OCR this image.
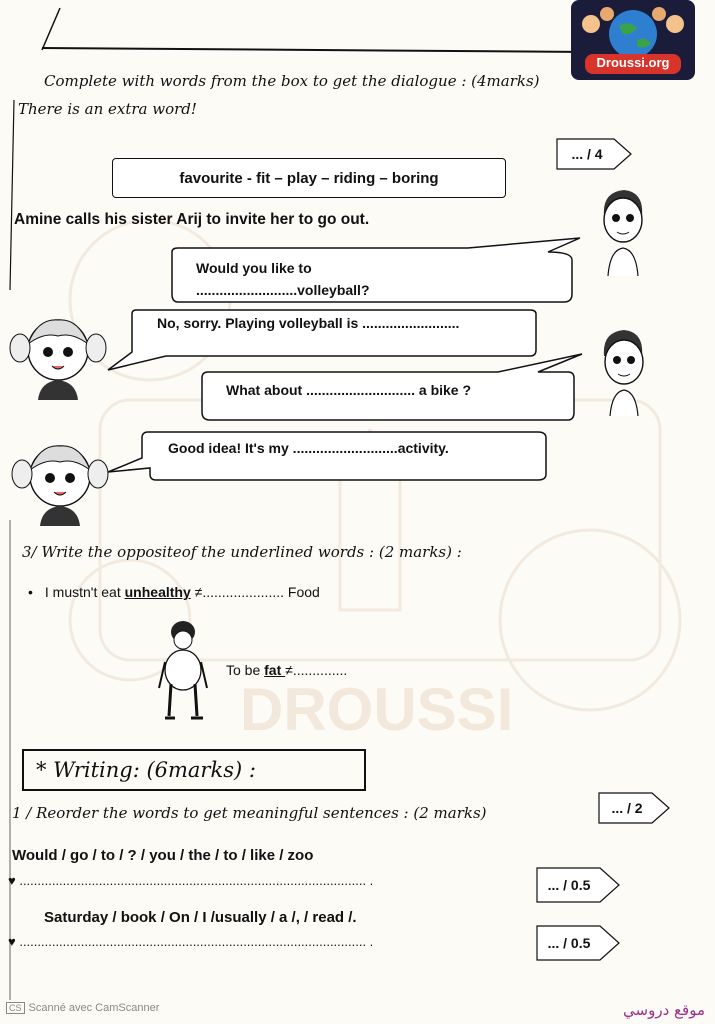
DROUSSI
Droussi.org
Complete with words from the box to get the dialogue : (4marks)
There is an extra word!
... / 4
favourite - fit – play – riding – boring
Amine calls his sister Arij to invite her to go out.
Would you like to
..........................volleyball?
No, sorry. Playing volleyball is .........................
What about ............................ a bike ?
Good idea! It's my ...........................activity.
3/ Write the oppositeof the underlined words : (2 marks) :
• I mustn't eat unhealthy ≠..................... Food
To be fat ≠..............
* Writing: (6marks) :
1 / Reorder the words to get meaningful sentences : (2 marks)	... / 2
Would / go / to / ? / you / the / to / like / zoo
♥ ................................................................................................ .	... / 0.5
Saturday / book / On / I /usually / a /, / read /.
♥ ................................................................................................ .	... / 0.5
CS Scanné avec CamScanner	موقع دروسي
